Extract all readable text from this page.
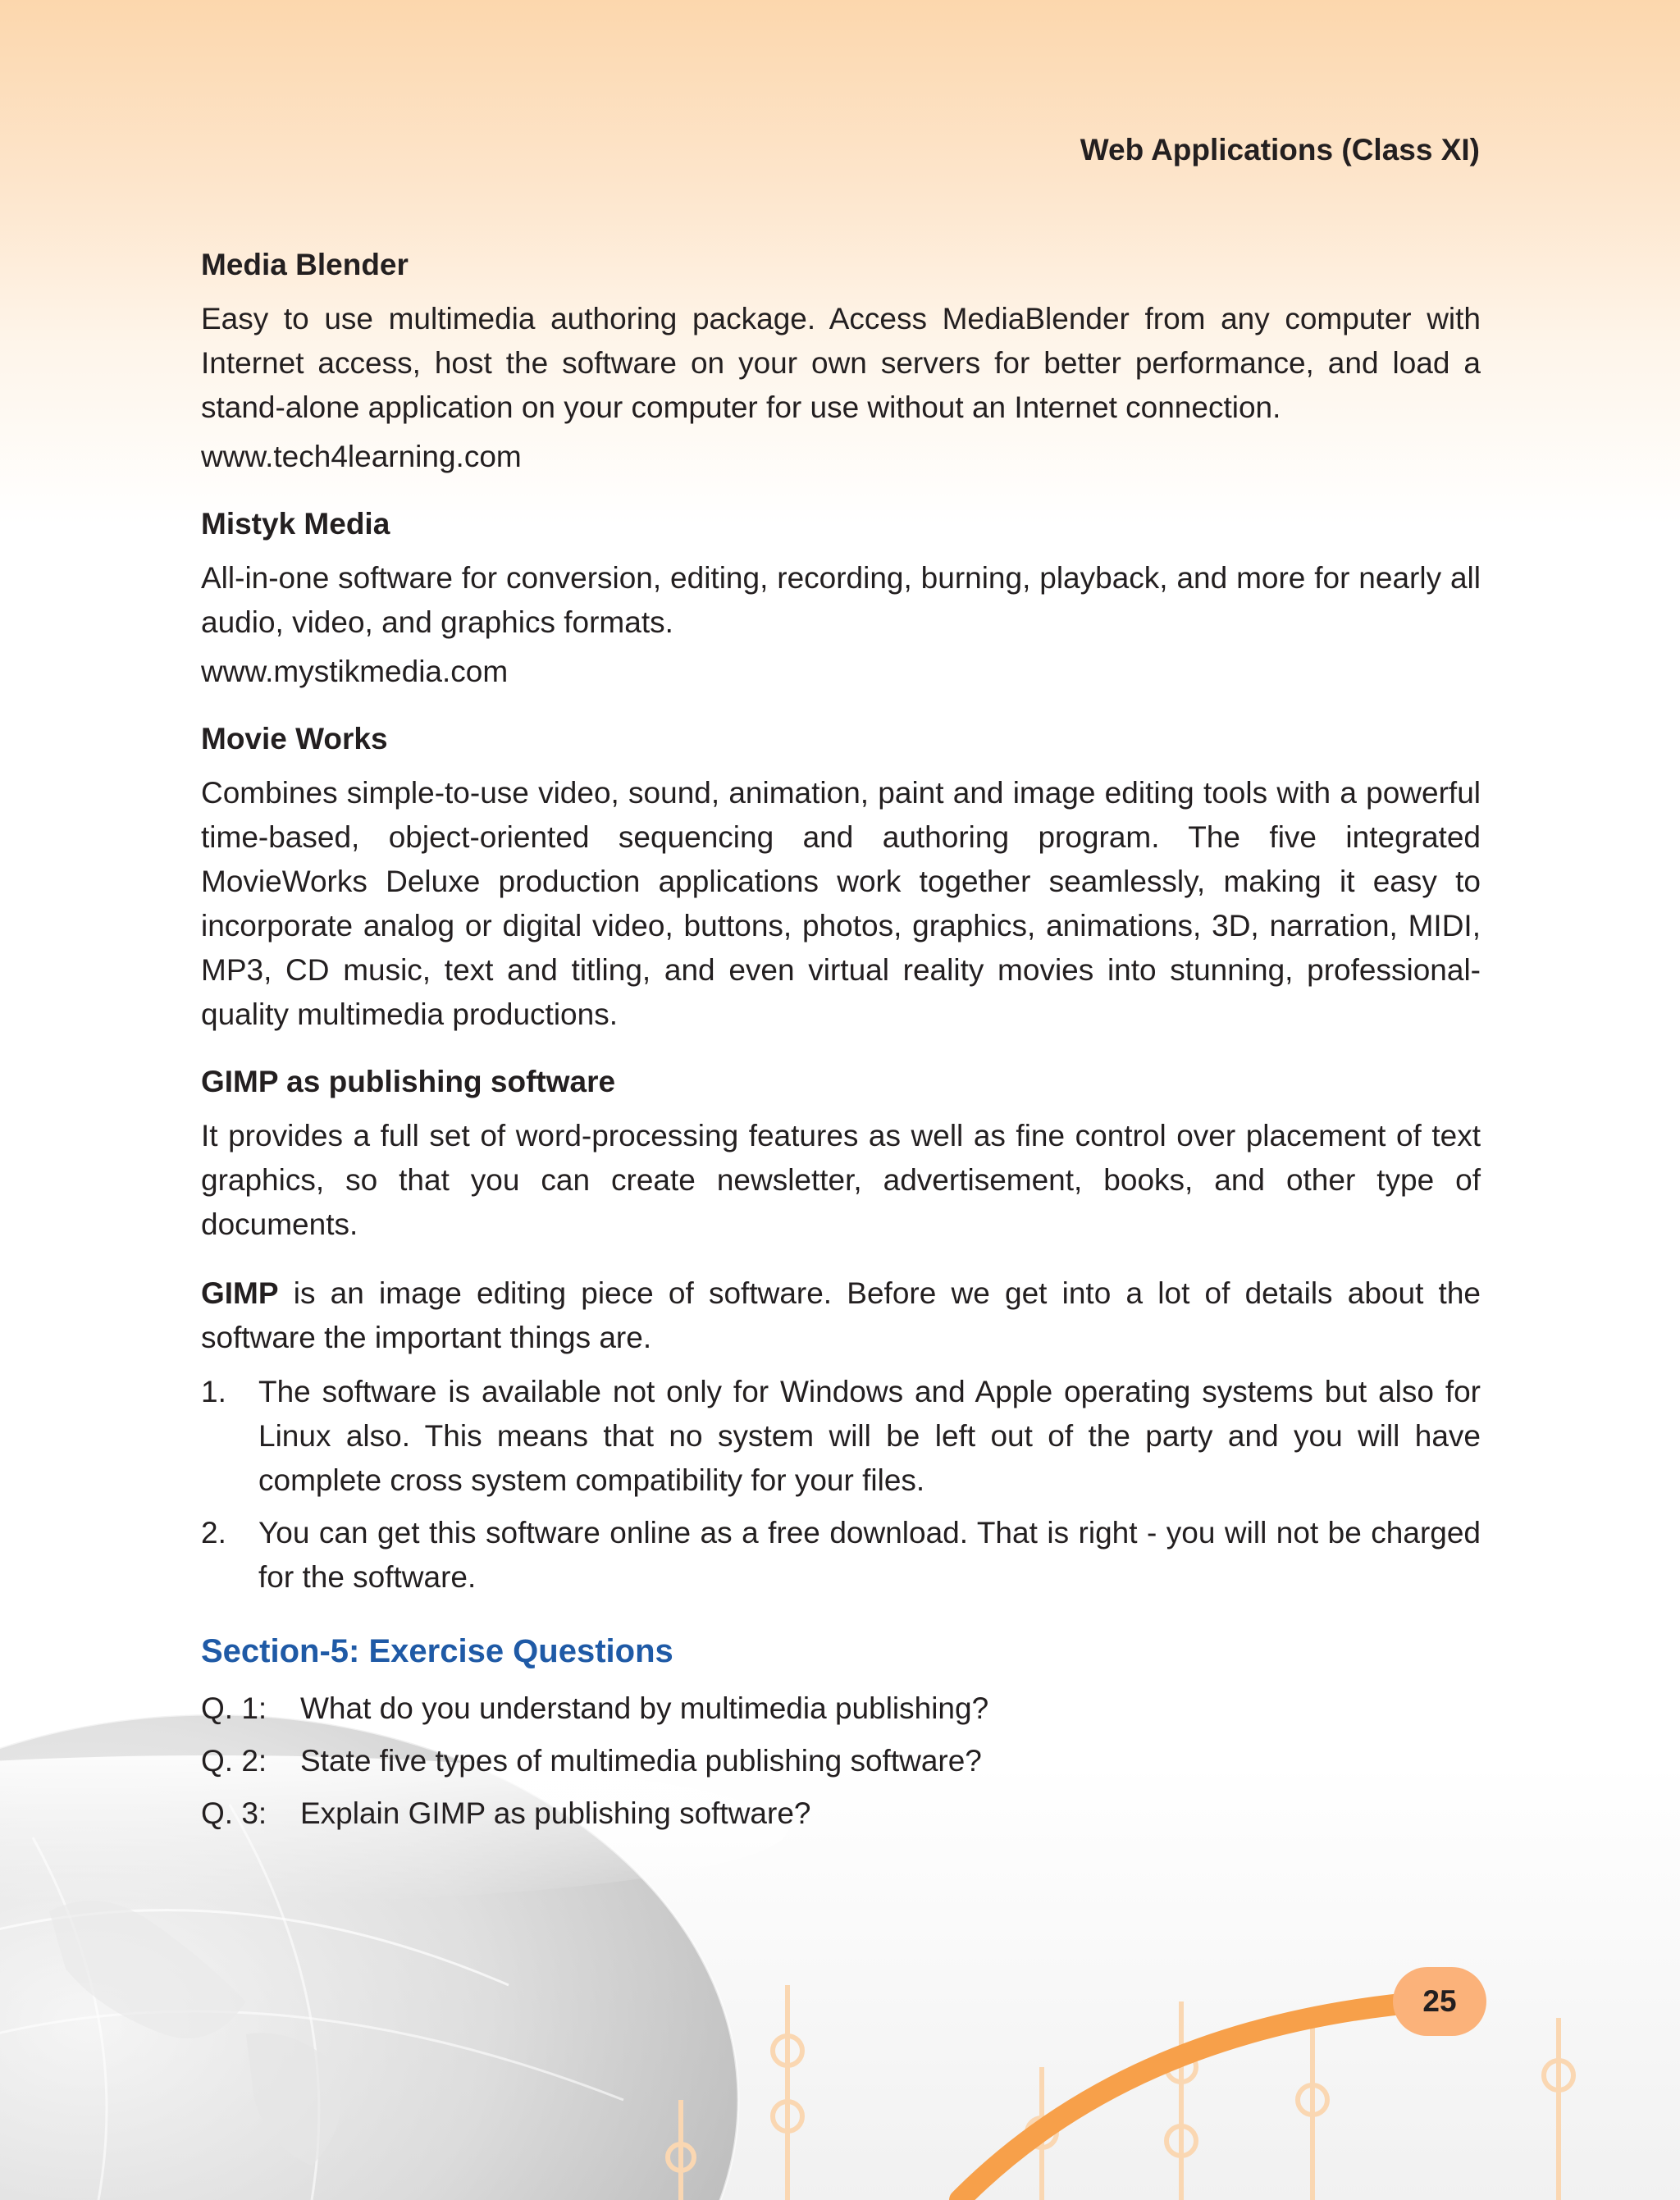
Web Applications (Class XI)
Media Blender

Easy to use multimedia authoring package. Access MediaBlender from any computer with Internet access, host the software on your own servers for better performance, and load a stand-alone application on your computer for use without an Internet connection.

www.tech4learning.com
Mistyk Media

All-in-one software for conversion, editing, recording, burning, playback, and more for nearly all audio, video, and graphics formats.

www.mystikmedia.com
Movie Works

Combines simple-to-use video, sound, animation, paint and image editing tools with a powerful time-based, object-oriented sequencing and authoring program. The five integrated MovieWorks Deluxe production applications work together seamlessly, making it easy to incorporate analog or digital video, buttons, photos, graphics, animations, 3D, narration, MIDI, MP3, CD music, text and titling, and even virtual reality movies into stunning, professional-quality multimedia productions.

GIMP as publishing software

It provides a full set of word-processing features as well as fine control over placement of text graphics, so that you can create newsletter, advertisement, books, and other type of documents.

GIMP is an image editing piece of software. Before we get into a lot of details about the software the important things are.

1. The software is available not only for Windows and Apple operating systems but also for Linux also. This means that no system will be left out of the party and you will have complete cross system compatibility for your files.
2. You can get this software online as a free download. That is right - you will not be charged for the software.
Section-5: Exercise Questions
Q. 1: What do you understand by multimedia publishing?
Q. 2: State five types of multimedia publishing software?
Q. 3: Explain GIMP as publishing software?
25
